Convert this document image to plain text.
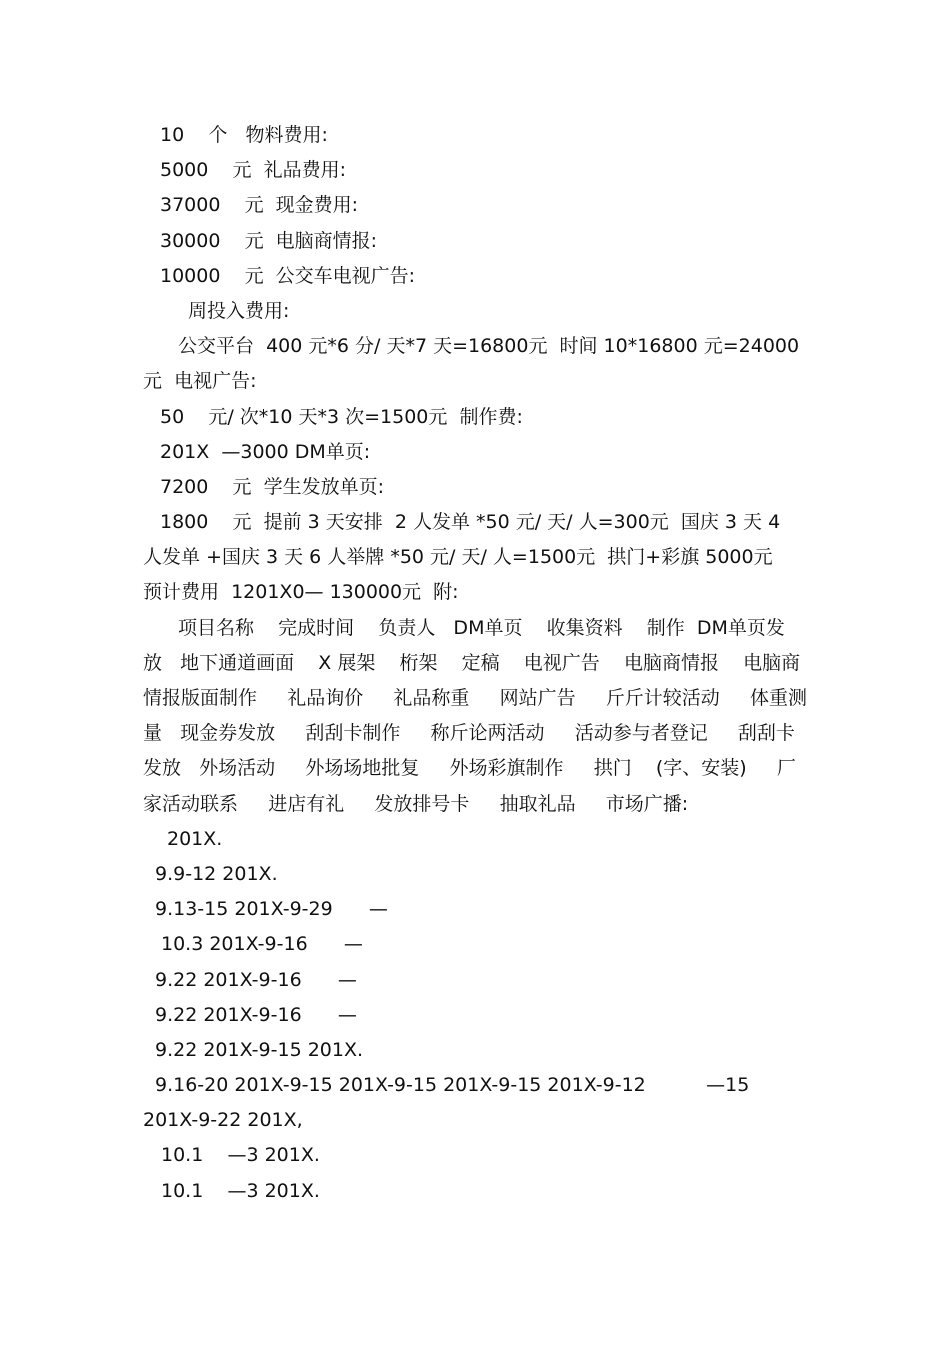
10    个   物料费用:
5000    元  礼品费用:
37000    元  现金费用:
30000    元  电脑商情报:
10000    元  公交车电视广告:
周投入费用:
公交平台  400 元*6 分/ 天*7 天=16800元  时间 10*16800 元=24000
元  电视广告:
50    元/ 次*10 天*3 次=1500元  制作费:
201X  —3000 DM单页:
7200    元  学生发放单页:
1800    元  提前 3 天安排  2 人发单 *50 元/ 天/ 人=300元  国庆 3 天 4
人发单 +国庆 3 天 6 人举牌 *50 元/ 天/ 人=1500元  拱门+彩旗 5000元
预计费用  1201X0— 130000元  附:
项目名称    完成时间    负责人   DM单页    收集资料    制作  DM单页发
放   地下通道画面    X 展架    桁架    定稿    电视广告    电脑商情报    电脑商
情报版面制作     礼品询价     礼品称重     网站广告     斤斤计较活动     体重测
量   现金券发放     刮刮卡制作     称斤论两活动     活动参与者登记     刮刮卡
发放   外场活动     外场场地批复     外场彩旗制作     拱门    (字、安装)     厂
家活动联系     进店有礼     发放排号卡     抽取礼品     市场广播:
201X.
9.9-12 201X.
9.13-15 201X-9-29      —
10.3 201X-9-16      —
9.22 201X-9-16      —
9.22 201X-9-16      —
9.22 201X-9-15 201X.
9.16-20 201X-9-15 201X-9-15 201X-9-15 201X-9-12          —15
201X-9-22 201X,
10.1    —3 201X.
10.1    —3 201X.
